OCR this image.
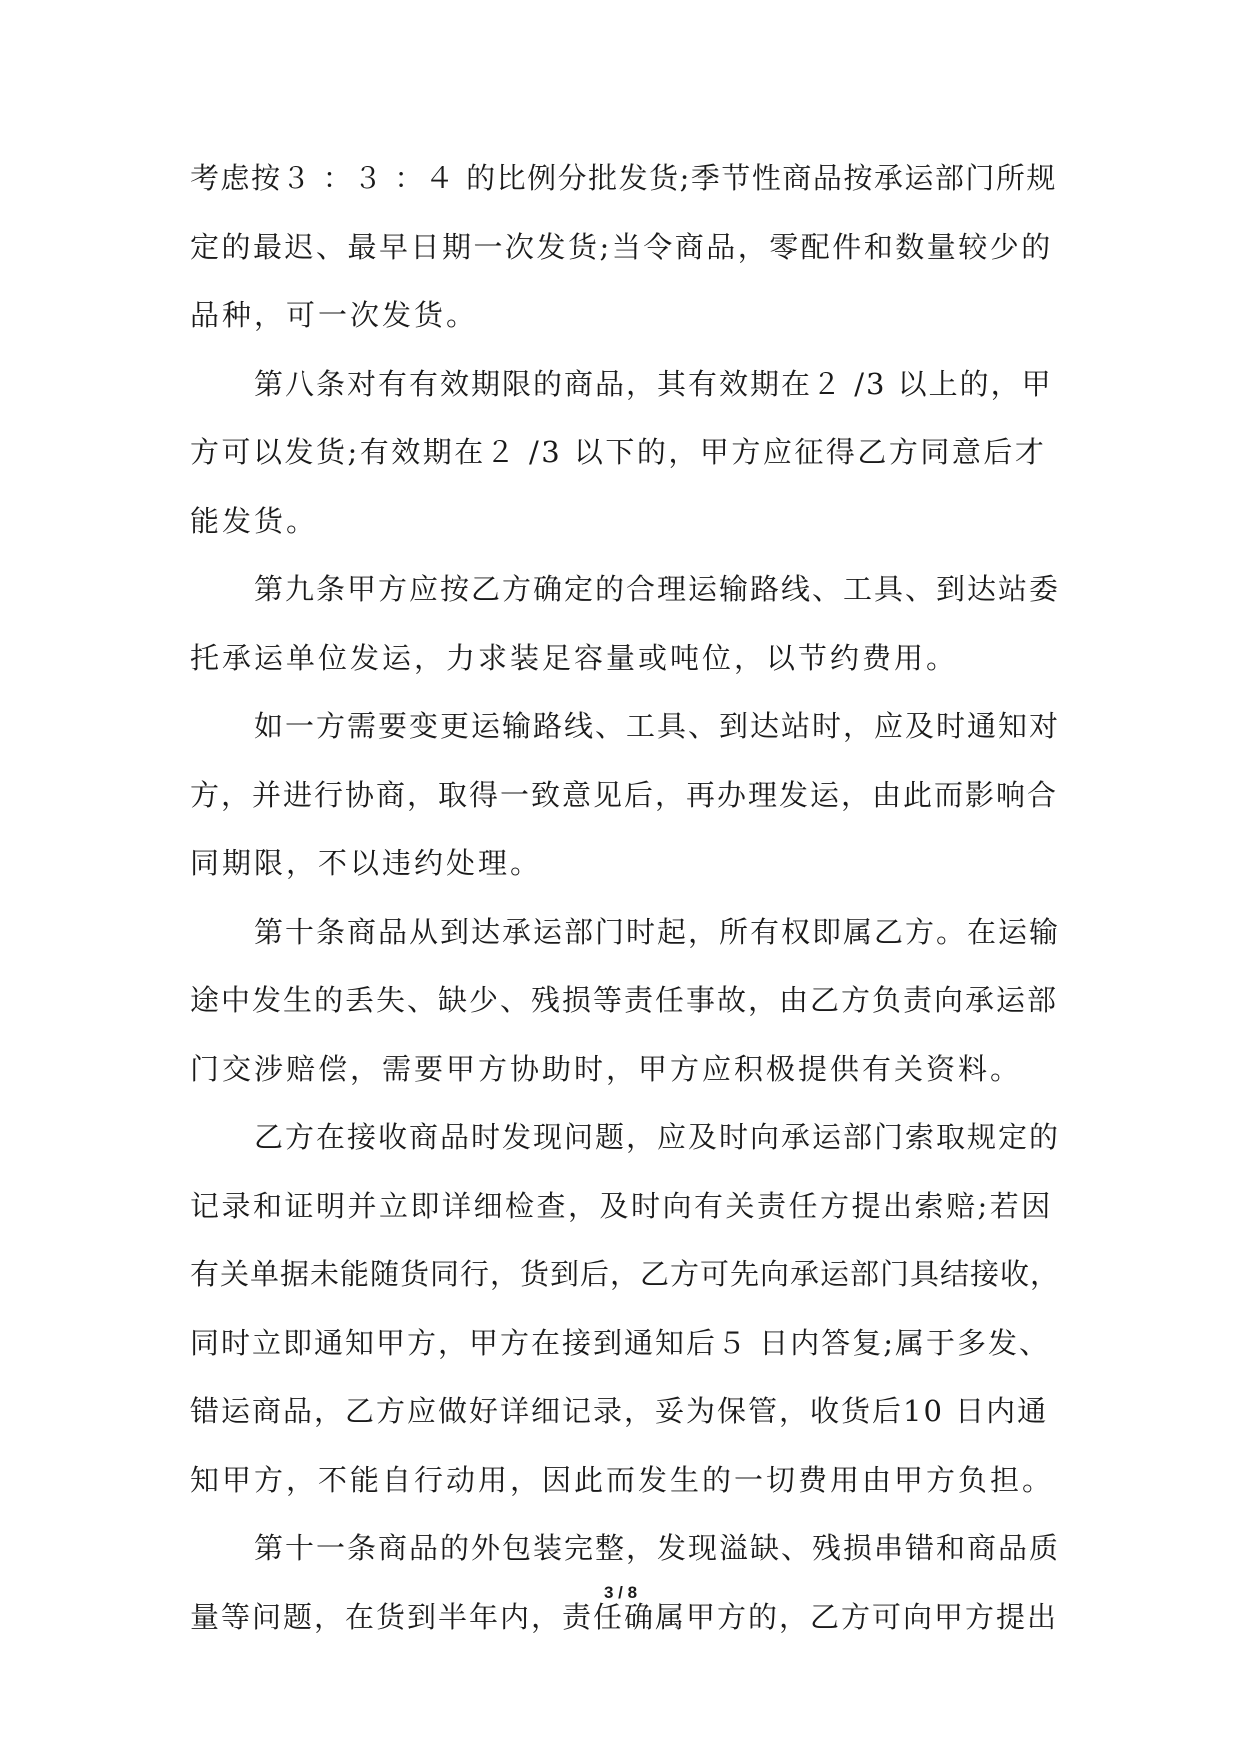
考虑按３ ：３ ：４ 的比例分批发货;季节性商品按承运部门所规
定的最迟、最早日期一次发货;当令商品，零配件和数量较少的
品种，可一次发货。
第八条对有有效期限的商品，其有效期在２ /3 以上的，甲
方可以发货;有效期在２ /3 以下的，甲方应征得乙方同意后才
能发货。
第九条甲方应按乙方确定的合理运输路线、工具、到达站委
托承运单位发运，力求装足容量或吨位，以节约费用。
如一方需要变更运输路线、工具、到达站时，应及时通知对
方，并进行协商，取得一致意见后，再办理发运，由此而影响合
同期限，不以违约处理。
第十条商品从到达承运部门时起，所有权即属乙方。在运输
途中发生的丢失、缺少、残损等责任事故，由乙方负责向承运部
门交涉赔偿，需要甲方协助时，甲方应积极提供有关资料。
乙方在接收商品时发现问题，应及时向承运部门索取规定的
记录和证明并立即详细检查，及时向有关责任方提出索赔;若因
有关单据未能随货同行，货到后，乙方可先向承运部门具结接收，
同时立即通知甲方，甲方在接到通知后５ 日内答复;属于多发、
错运商品，乙方应做好详细记录，妥为保管，收货后10 日内通
知甲方，不能自行动用，因此而发生的一切费用由甲方负担。
第十一条商品的外包装完整，发现溢缺、残损串错和商品质
量等问题，在货到半年内，责任确属甲方的，乙方可向甲方提出
3 / 8
